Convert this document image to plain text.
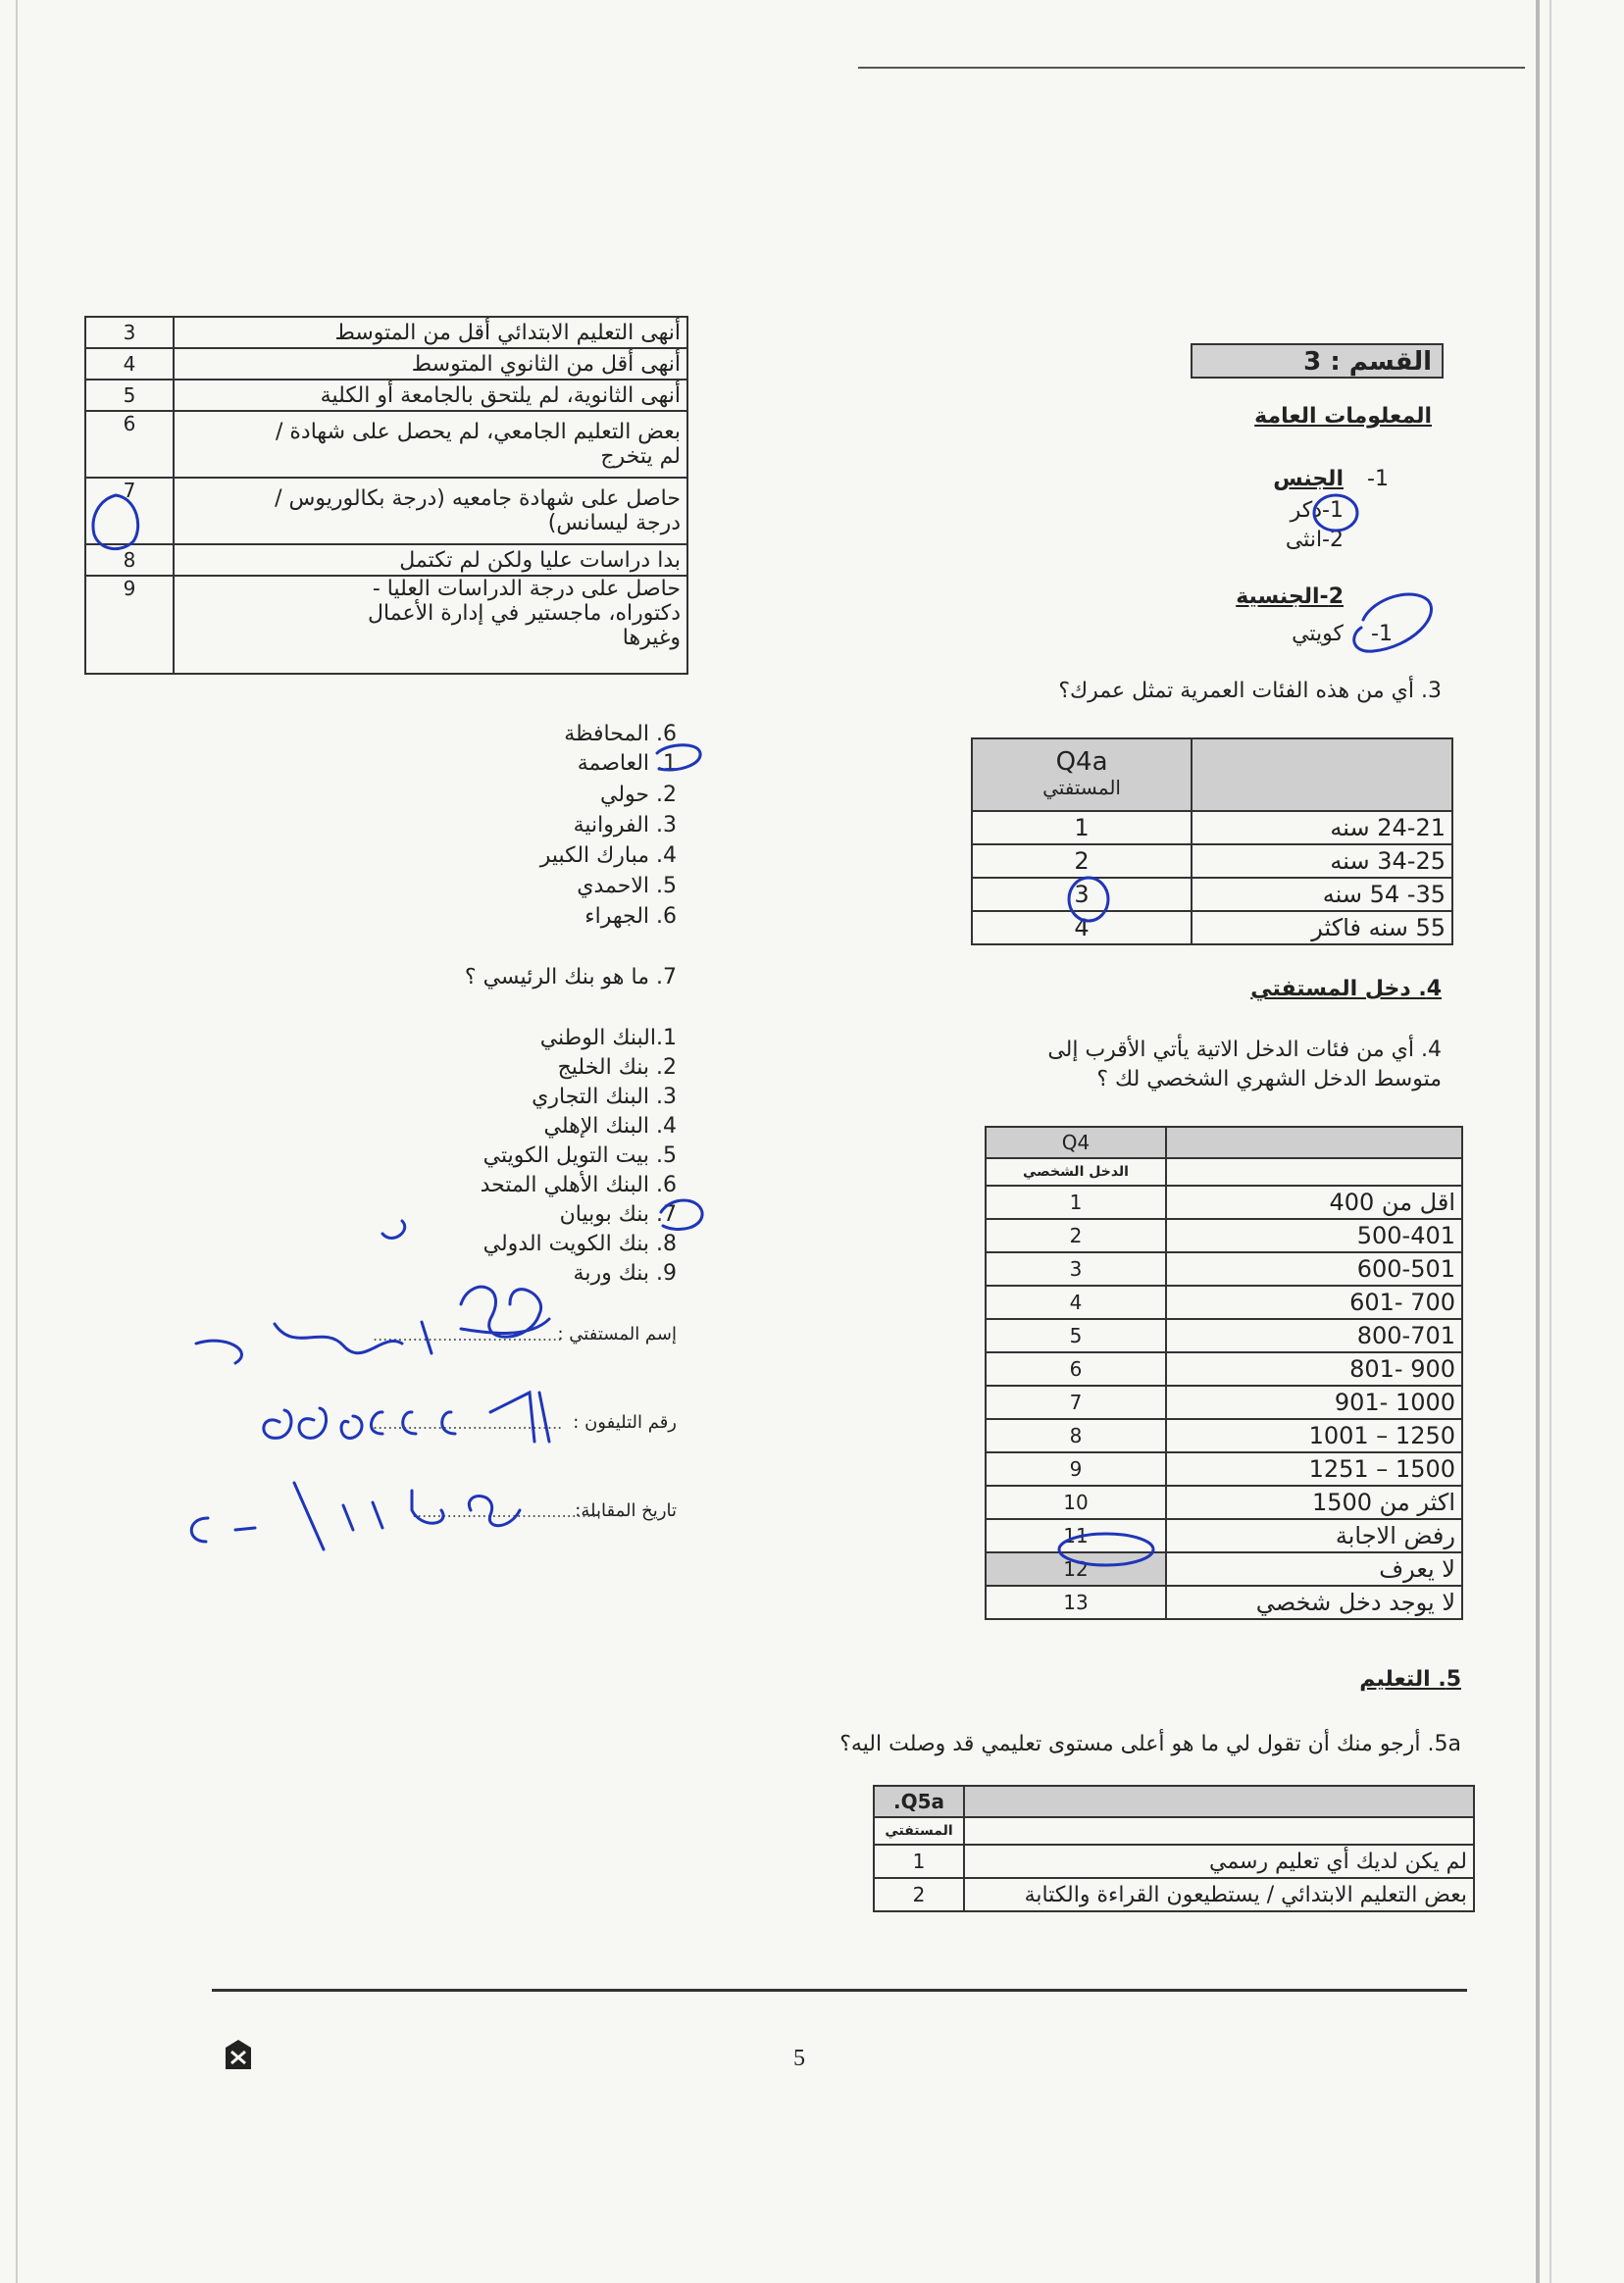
القسم : 3
المعلومات العامة
1-
الجنس
1-ذكر
2-انثى
2-الجنسية
1-
كويتي
3. أي من هذه الفئات العمرية تمثل عمرك؟

	Q4a
المستفتي

24-21 سنه	1
34-25 سنه	2
35- 54 سنه	3
55 سنه فاكثر	4
4. دخل المستفتي
4. أي من فئات الدخل الاتية يأتي الأقرب إلى
متوسط الدخل الشهري الشخصي لك ؟
	Q4
	الدخل الشخصي
اقل من 400	1
500-401	2
600-501	3
700 -601	4
800-701	5
900 -801	6
1000 -901	7
1250 – 1001	8
1500 – 1251	9
اكثر من 1500	10
رفض الاجابة	11
لا يعرف	12
لا يوجد دخل شخصي	13
5. التعليم
5a. أرجو منك أن تقول لي ما هو أعلى مستوى تعليمي قد وصلت اليه؟
	Q5a.
	المستفتي
لم يكن لديك أي تعليم رسمي	1
بعض التعليم الابتدائي / يستطيعون القراءة والكتابة	2
أنهى التعليم الابتدائي أقل من المتوسط	3
أنهى أقل من الثانوي المتوسط	4
أنهى الثانوية، لم يلتحق بالجامعة أو الكلية	5
بعض التعليم الجامعي، لم يحصل على شهادة / لم يتخرج	6
حاصل على شهادة جامعيه (درجة بكالوريوس / درجة ليسانس)	7
بدا دراسات عليا ولكن لم تكتمل	8
حاصل على درجة الدراسات العليا - دكتوراه، ماجستير في إدارة الأعمال وغيرها	9
6. المحافظة
1. العاصمة
2. حولي
3. الفروانية
4. مبارك الكبير
5. الاحمدي
6. الجهراء
7. ما هو بنك الرئيسي ؟
1.البنك الوطني
2. بنك الخليج
3. البنك التجاري
4. البنك الإهلي
5. بيت التويل الكويتي
6. البنك الأهلي المتحد
7. بنك بوبيان
8. بنك الكويت الدولي
9. بنك وربة
إسم المستفتي :
......................................
رقم التليفون :
......................................
تاريخ المقابلة:
......................................
5
